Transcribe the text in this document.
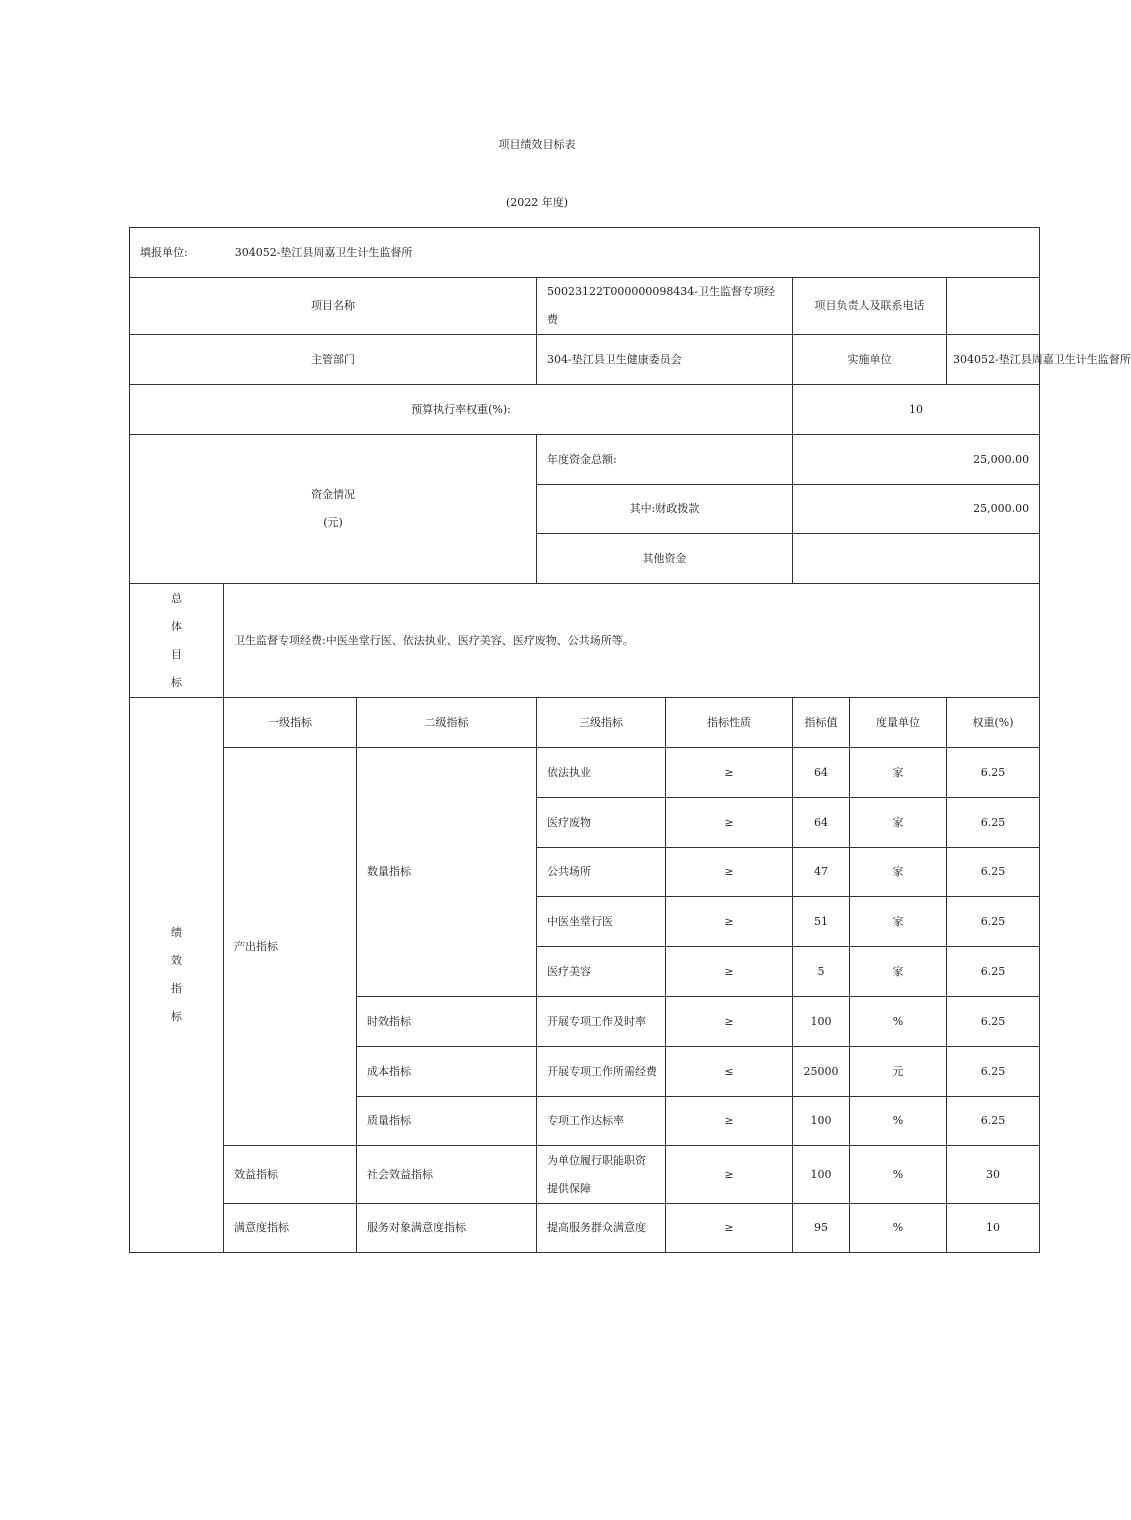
项目绩效目标表
(2022 年度)
填报单位: 304052-垫江县周嘉卫生计生监督所							
项目名称			50023122T000000098434-卫生监督专项经费		项目负责人及联系电话		
主管部门			304-垫江县卫生健康委员会		实施单位		304052-垫江县周嘉卫生计生监督所
预算执行率权重(%):					10		

资金情况
(元)			年度资金总额:		25,000.00		
			其中:财政拨款		25,000.00		
			其他资金				

总
体
目
标	卫生监督专项经费:中医坐堂行医、依法执业、医疗美容、医疗废物、公共场所等。						

绩
效
指
标	一级指标	二级指标	三级指标	指标性质	指标值	度量单位	权重(%)
	产出指标	数量指标	依法执业	≥	64	家	6.25
			医疗废物	≥	64	家	6.25
			公共场所	≥	47	家	6.25
			中医坐堂行医	≥	51	家	6.25
			医疗美容	≥	5	家	6.25
		时效指标	开展专项工作及时率	≥	100	%	6.25
		成本指标	开展专项工作所需经费	≤	25000	元	6.25
		质量指标	专项工作达标率	≥	100	%	6.25
	效益指标	社会效益指标	为单位履行职能职资提供保障	≥	100	%	30
	满意度指标	服务对象满意度指标	提高服务群众满意度	≥	95	%	10
